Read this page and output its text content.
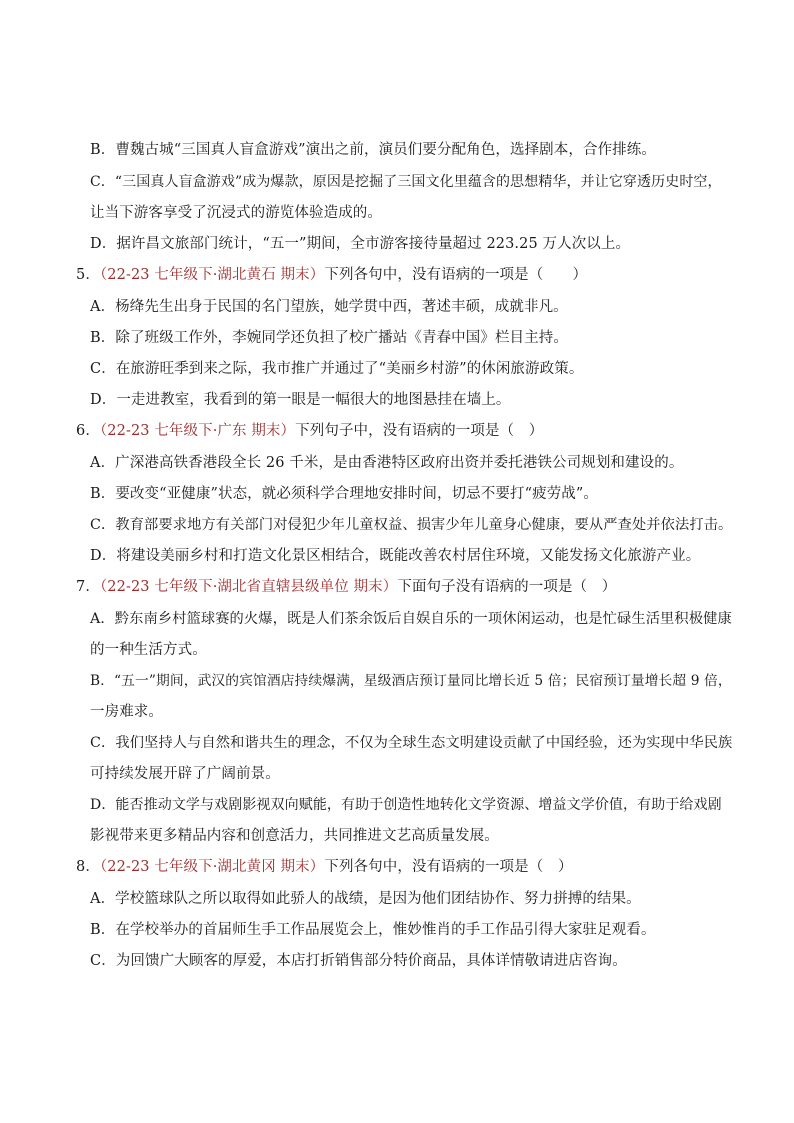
B．曹魏古城“三国真人盲盒游戏”演出之前，演员们要分配角色，选择剧本，合作排练。
C．“三国真人盲盒游戏”成为爆款，原因是挖掘了三国文化里蕴含的思想精华，并让它穿透历史时空，
让当下游客享受了沉浸式的游览体验造成的。
D．据许昌文旅部门统计，“五一”期间，全市游客接待量超过 223.25 万人次以上。
5．（22-23 七年级下·湖北黄石 期末）下列各句中，没有语病的一项是（　　）
A．杨绛先生出身于民国的名门望族，她学贯中西，著述丰硕，成就非凡。
B．除了班级工作外，李婉同学还负担了校广播站《青春中国》栏目主持。
C．在旅游旺季到来之际，我市推广并通过了“美丽乡村游”的休闲旅游政策。
D．一走进教室，我看到的第一眼是一幅很大的地图悬挂在墙上。
6．（22-23 七年级下·广东 期末）下列句子中，没有语病的一项是（　）
A．广深港高铁香港段全长 26 千米，是由香港特区政府出资并委托港铁公司规划和建设的。
B．要改变“亚健康”状态，就必须科学合理地安排时间，切忌不要打“疲劳战”。
C．教育部要求地方有关部门对侵犯少年儿童权益、损害少年儿童身心健康，要从严查处并依法打击。
D．将建设美丽乡村和打造文化景区相结合，既能改善农村居住环境，又能发扬文化旅游产业。
7．（22-23 七年级下·湖北省直辖县级单位 期末）下面句子没有语病的一项是（　）
A．黔东南乡村篮球赛的火爆，既是人们茶余饭后自娱自乐的一项休闲运动，也是忙碌生活里积极健康
的一种生活方式。
B．“五一”期间，武汉的宾馆酒店持续爆满，星级酒店预订量同比增长近 5 倍；民宿预订量增长超 9 倍，
一房难求。
C．我们坚持人与自然和谐共生的理念，不仅为全球生态文明建设贡献了中国经验，还为实现中华民族
可持续发展开辟了广阔前景。
D．能否推动文学与戏剧影视双向赋能，有助于创造性地转化文学资源、增益文学价值，有助于给戏剧
影视带来更多精品内容和创意活力，共同推进文艺高质量发展。
8．（22-23 七年级下·湖北黄冈 期末）下列各句中，没有语病的一项是（　）
A．学校篮球队之所以取得如此骄人的战绩，是因为他们团结协作、努力拼搏的结果。
B．在学校举办的首届师生手工作品展览会上，惟妙惟肖的手工作品引得大家驻足观看。
C．为回馈广大顾客的厚爱，本店打折销售部分特价商品，具体详情敬请进店咨询。
